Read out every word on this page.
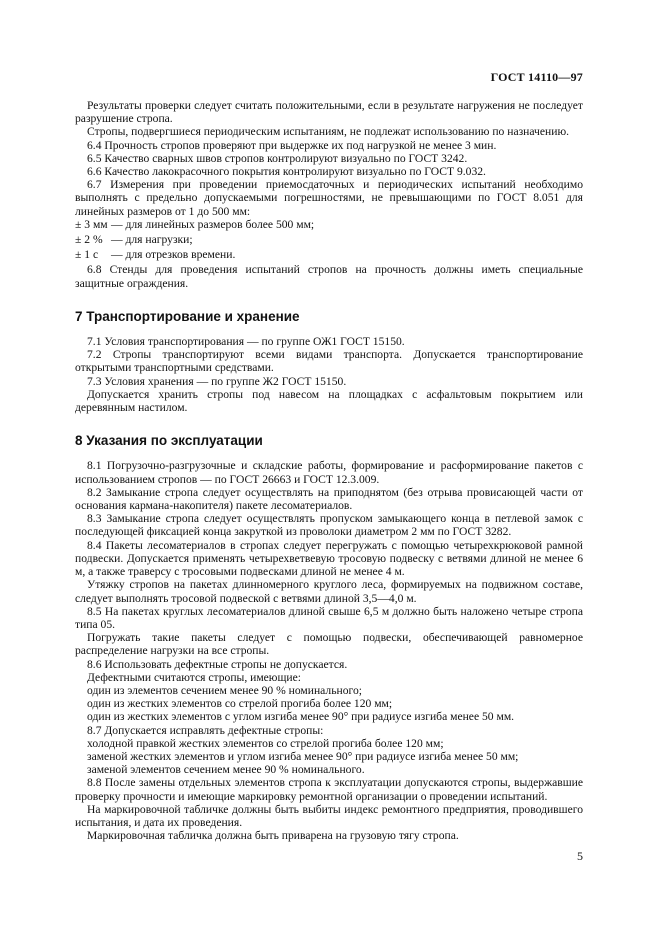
ГОСТ 14110—97

Результаты проверки следует считать положительными, если в результате нагружения не последует разрушение стропа.

Стропы, подвергшиеся периодическим испытаниям, не подлежат использованию по назначению.

6.4 Прочность стропов проверяют при выдержке их под нагрузкой не менее 3 мин.

6.5 Качество сварных швов стропов контролируют визуально по ГОСТ 3242.

6.6 Качество лакокрасочного покрытия контролируют визуально по ГОСТ 9.032.

6.7 Измерения при проведении приемосдаточных и периодических испытаний необходимо выполнять с предельно допускаемыми погрешностями, не превышающими по ГОСТ 8.051 для линейных размеров от 1 до 500 мм:

± 3 мм — для линейных размеров более 500 мм;
± 2 % — для нагрузки;
± 1 с	— для отрезков времени.

6.8 Стенды для проведения испытаний стропов на прочность должны иметь специальные защитные ограждения.

7 Транспортирование и хранение

7.1 Условия транспортирования — по группе ОЖ1 ГОСТ 15150.

7.2 Стропы транспортируют всеми видами транспорта. Допускается транспортирование открытыми транспортными средствами.

7.3 Условия хранения — по группе Ж2 ГОСТ 15150.

Допускается хранить стропы под навесом на площадках с асфальтовым покрытием или деревянным настилом.

8 Указания по эксплуатации

8.1 Погрузочно-разгрузочные и складские работы, формирование и расформирование пакетов с использованием стропов — по ГОСТ 26663 и ГОСТ 12.3.009.

8.2 Замыкание стропа следует осуществлять на приподнятом (без отрыва провисающей части от основания кармана-накопителя) пакете лесоматериалов.

8.3 Замыкание стропа следует осуществлять пропуском замыкающего конца в петлевой замок с последующей фиксацией конца закруткой из проволоки диаметром 2 мм по ГОСТ 3282.

8.4 Пакеты лесоматериалов в стропах следует перегружать с помощью четырехкрюковой рамной подвески. Допускается применять четырехветвевую тросовую подвеску с ветвями длиной не менее 6 м, а также траверсу с тросовыми подвесками длиной не менее 4 м.

Утяжку стропов на пакетах длинномерного круглого леса, формируемых на подвижном составе, следует выполнять тросовой подвеской с ветвями длиной 3,5—4,0 м.

8.5 На пакетах круглых лесоматериалов длиной свыше 6,5 м должно быть наложено четыре стропа типа 05.

Погружать такие пакеты следует с помощью подвески, обеспечивающей равномерное распределение нагрузки на все стропы.

8.6 Использовать дефектные стропы не допускается.

Дефектными считаются стропы, имеющие:

один из элементов сечением менее 90 % номинального;

один из жестких элементов со стрелой прогиба более 120 мм;

один из жестких элементов с углом изгиба менее 90° при радиусе изгиба менее 50 мм.

8.7 Допускается исправлять дефектные стропы:

холодной правкой жестких элементов со стрелой прогиба более 120 мм;

заменой жестких элементов и углом изгиба менее 90° при радиусе изгиба менее 50 мм;

заменой элементов сечением менее 90 % номинального.

8.8 После замены отдельных элементов стропа к эксплуатации допускаются стропы, выдержавшие проверку прочности и имеющие маркировку ремонтной организации о проведении испытаний.

На маркировочной табличке должны быть выбиты индекс ремонтного предприятия, проводившего испытания, и дата их проведения.

Маркировочная табличка должна быть приварена на грузовую тягу стропа.

5
